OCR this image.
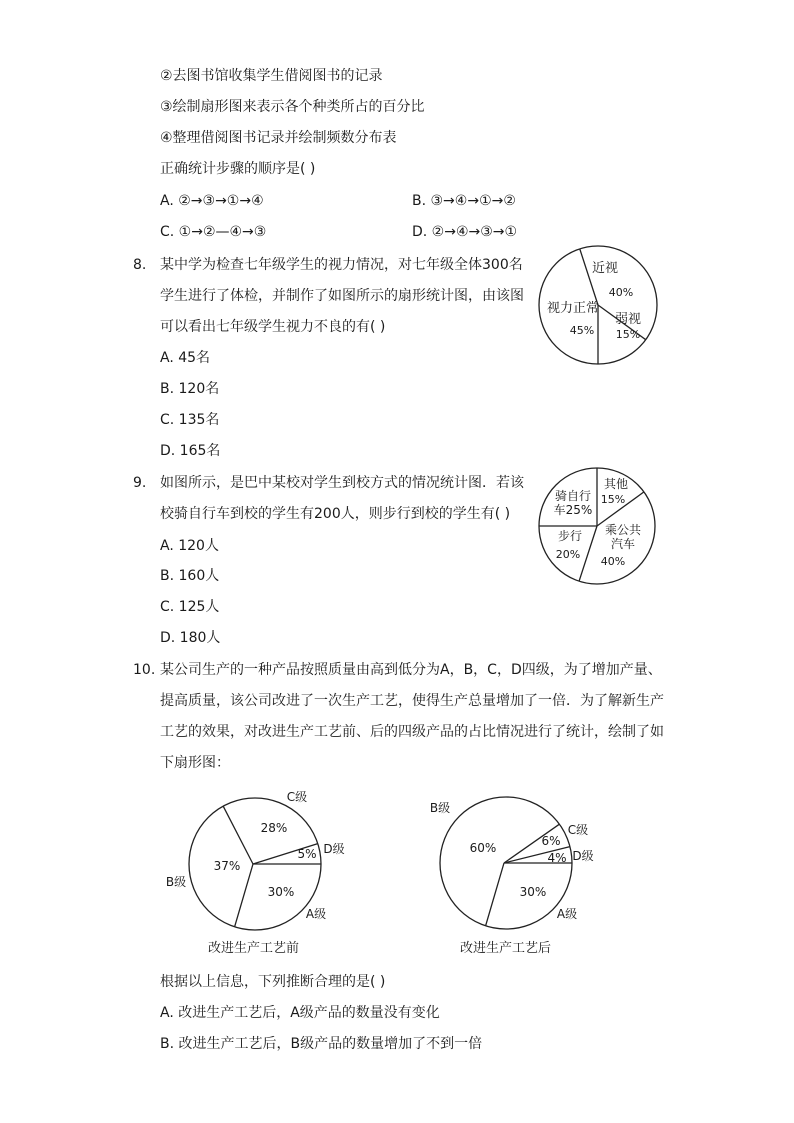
②去图书馆收集学生借阅图书的记录
③绘制扇形图来表示各个种类所占的百分比
④整理借阅图书记录并绘制频数分布表
正确统计步骤的顺序是( )
A. ②→③→①→④	B. ③→④→①→②
C. ①→②—④→③	D. ②→④→③→①
8. 某中学为检查七年级学生的视力情况，对七年级全体300名
学生进行了体检，并制作了如图所示的扇形统计图，由该图
可以看出七年级学生视力不良的有( )
A. 45名
B. 120名
C. 135名
D. 165名
近视
40%
弱视
15%
视力正常
45%
9. 如图所示，是巴中某校对学生到校方式的情况统计图．若该
校骑自行车到校的学生有200人，则步行到校的学生有( )
A. 120人
B. 160人
C. 125人
D. 180人
其他
15%
乘公共
汽车
40%
步行
20%
骑自行
车25%
10. 某公司生产的一种产品按照质量由高到低分为A，B，C，D四级，为了增加产量、
提高质量，该公司改进了一次生产工艺，使得生产总量增加了一倍．为了解新生产
工艺的效果，对改进生产工艺前、后的四级产品的占比情况进行了统计，绘制了如
下扇形图：
30%
A级
37%
B级
28%
C级
5% D级
30%
A级
60%
B级
6%
C级
4% D级
改进生产工艺前	改进生产工艺后
根据以上信息，下列推断合理的是( )
A. 改进生产工艺后，A级产品的数量没有变化
B. 改进生产工艺后，B级产品的数量增加了不到一倍
